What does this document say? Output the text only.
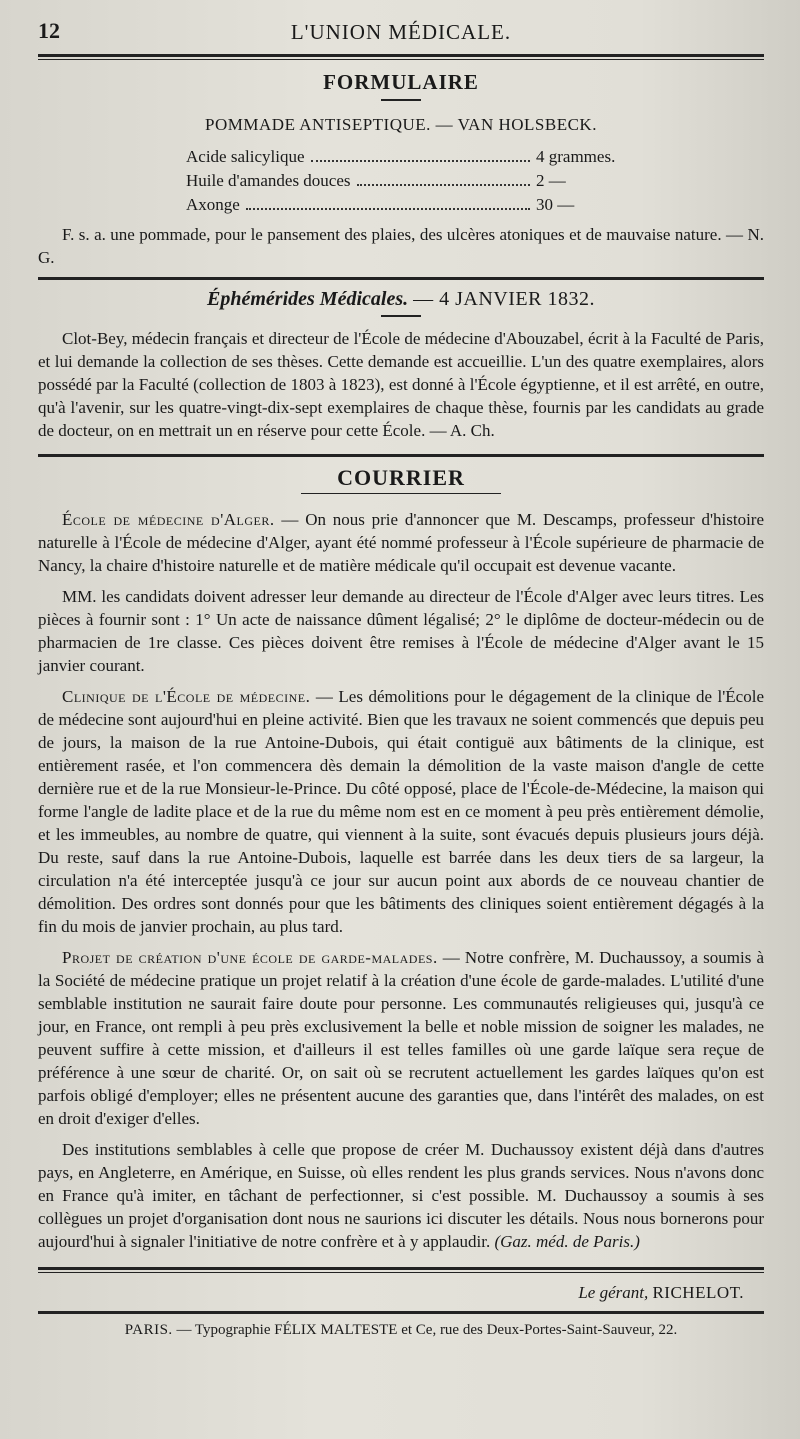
12	L'UNION MÉDICALE.
FORMULAIRE
POMMADE ANTISEPTIQUE. — VAN HOLSBECK.
Acide salicylique	4 grammes.
Huile d'amandes douces	2 —
Axonge	30 —

F. s. a. une pommade, pour le pansement des plaies, des ulcères atoniques et de mauvaise nature. — N. G.

Éphémérides Médicales. — 4 JANVIER 1832.

Clot-Bey, médecin français et directeur de l'École de médecine d'Abouzabel, écrit à la Faculté de Paris, et lui demande la collection de ses thèses. Cette demande est accueillie. L'un des quatre exemplaires, alors possédé par la Faculté (collection de 1803 à 1823), est donné à l'École égyptienne, et il est arrêté, en outre, qu'à l'avenir, sur les quatre-vingt-dix-sept exemplaires de chaque thèse, fournis par les candidats au grade de docteur, on en mettrait un en réserve pour cette École. — A. Ch.

COURRIER

École de médecine d'Alger. — On nous prie d'annoncer que M. Descamps, professeur d'histoire naturelle à l'École de médecine d'Alger, ayant été nommé professeur à l'École supérieure de pharmacie de Nancy, la chaire d'histoire naturelle et de matière médicale qu'il occupait est devenue vacante.

MM. les candidats doivent adresser leur demande au directeur de l'École d'Alger avec leurs titres. Les pièces à fournir sont : 1° Un acte de naissance dûment légalisé; 2° le diplôme de docteur-médecin ou de pharmacien de 1re classe. Ces pièces doivent être remises à l'École de médecine d'Alger avant le 15 janvier courant.

Clinique de l'École de médecine. — Les démolitions pour le dégagement de la clinique de l'École de médecine sont aujourd'hui en pleine activité. Bien que les travaux ne soient commencés que depuis peu de jours, la maison de la rue Antoine-Dubois, qui était contiguë aux bâtiments de la clinique, est entièrement rasée, et l'on commencera dès demain la démolition de la vaste maison d'angle de cette dernière rue et de la rue Monsieur-le-Prince. Du côté opposé, place de l'École-de-Médecine, la maison qui forme l'angle de ladite place et de la rue du même nom est en ce moment à peu près entièrement démolie, et les immeubles, au nombre de quatre, qui viennent à la suite, sont évacués depuis plusieurs jours déjà. Du reste, sauf dans la rue Antoine-Dubois, laquelle est barrée dans les deux tiers de sa largeur, la circulation n'a été interceptée jusqu'à ce jour sur aucun point aux abords de ce nouveau chantier de démolition. Des ordres sont donnés pour que les bâtiments des cliniques soient entièrement dégagés à la fin du mois de janvier prochain, au plus tard.

Projet de création d'une école de garde-malades. — Notre confrère, M. Duchaussoy, a soumis à la Société de médecine pratique un projet relatif à la création d'une école de garde-malades. L'utilité d'une semblable institution ne saurait faire doute pour personne. Les communautés religieuses qui, jusqu'à ce jour, en France, ont rempli à peu près exclusivement la belle et noble mission de soigner les malades, ne peuvent suffire à cette mission, et d'ailleurs il est telles familles où une garde laïque sera reçue de préférence à une sœur de charité. Or, on sait où se recrutent actuellement les gardes laïques qu'on est parfois obligé d'employer; elles ne présentent aucune des garanties que, dans l'intérêt des malades, on est en droit d'exiger d'elles.

Des institutions semblables à celle que propose de créer M. Duchaussoy existent déjà dans d'autres pays, en Angleterre, en Amérique, en Suisse, où elles rendent les plus grands services. Nous n'avons donc en France qu'à imiter, en tâchant de perfectionner, si c'est possible. M. Duchaussoy a soumis à ses collègues un projet d'organisation dont nous ne saurions ici discuter les détails. Nous nous bornerons pour aujourd'hui à signaler l'initiative de notre confrère et à y applaudir. (Gaz. méd. de Paris.)

Le gérant, RICHELOT.
PARIS. — Typographie FÉLIX MALTESTE et Ce, rue des Deux-Portes-Saint-Sauveur, 22.
